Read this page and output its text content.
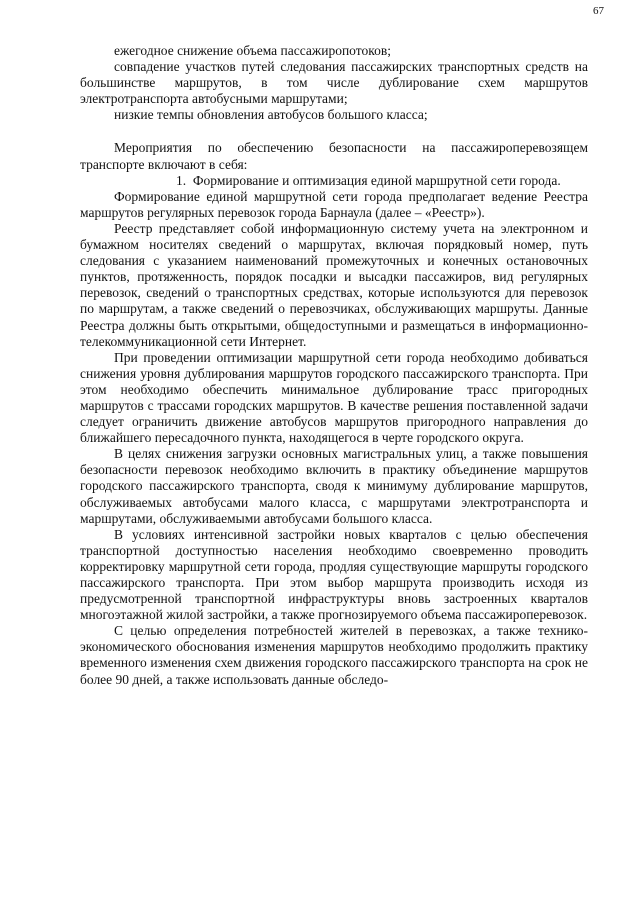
67

ежегодное снижение объема пассажиропотоков;

совпадение участков путей следования пассажирских транспортных средств на большинстве маршрутов, в том числе дублирование схем маршрутов электротранспорта автобусными маршрутами;

низкие темпы обновления автобусов большого класса;

Мероприятия по обеспечению безопасности на пассажироперевозящем транспорте включают в себя:

1. Формирование и оптимизация единой маршрутной сети города.

Формирование единой маршрутной сети города предполагает ведение Реестра маршрутов регулярных перевозок города Барнаула (далее – «Реестр»).

Реестр представляет собой информационную систему учета на электронном и бумажном носителях сведений о маршрутах, включая порядковый номер, путь следования с указанием наименований промежуточных и конечных остановочных пунктов, протяженность, порядок посадки и высадки пассажиров, вид регулярных перевозок, сведений о транспортных средствах, которые используются для перевозок по маршрутам, а также сведений о перевозчиках, обслуживающих маршруты. Данные Реестра должны быть открытыми, общедоступными и размещаться в информационно-телекоммуникационной сети Интернет.

При проведении оптимизации маршрутной сети города необходимо добиваться снижения уровня дублирования маршрутов городского пассажирского транспорта. При этом необходимо обеспечить минимальное дублирование трасс пригородных маршрутов с трассами городских маршрутов. В качестве решения поставленной задачи следует ограничить движение автобусов маршрутов пригородного направления до ближайшего пересадочного пункта, находящегося в черте городского округа.

В целях снижения загрузки основных магистральных улиц, а также повышения безопасности перевозок необходимо включить в практику объединение маршрутов городского пассажирского транспорта, сводя к минимуму дублирование маршрутов, обслуживаемых автобусами малого класса, с маршрутами электротранспорта и маршрутами, обслуживаемыми автобусами большого класса.

В условиях интенсивной застройки новых кварталов с целью обеспечения транспортной доступностью населения необходимо своевременно проводить корректировку маршрутной сети города, продляя существующие маршруты городского пассажирского транспорта. При этом выбор маршрута производить исходя из предусмотренной транспортной инфраструктуры вновь застроенных кварталов многоэтажной жилой застройки, а также прогнозируемого объема пассажироперевозок.

С целью определения потребностей жителей в перевозках, а также технико-экономического обоснования изменения маршрутов необходимо продолжить практику временного изменения схем движения городского пассажирского транспорта на срок не более 90 дней, а также использовать данные обследо-
